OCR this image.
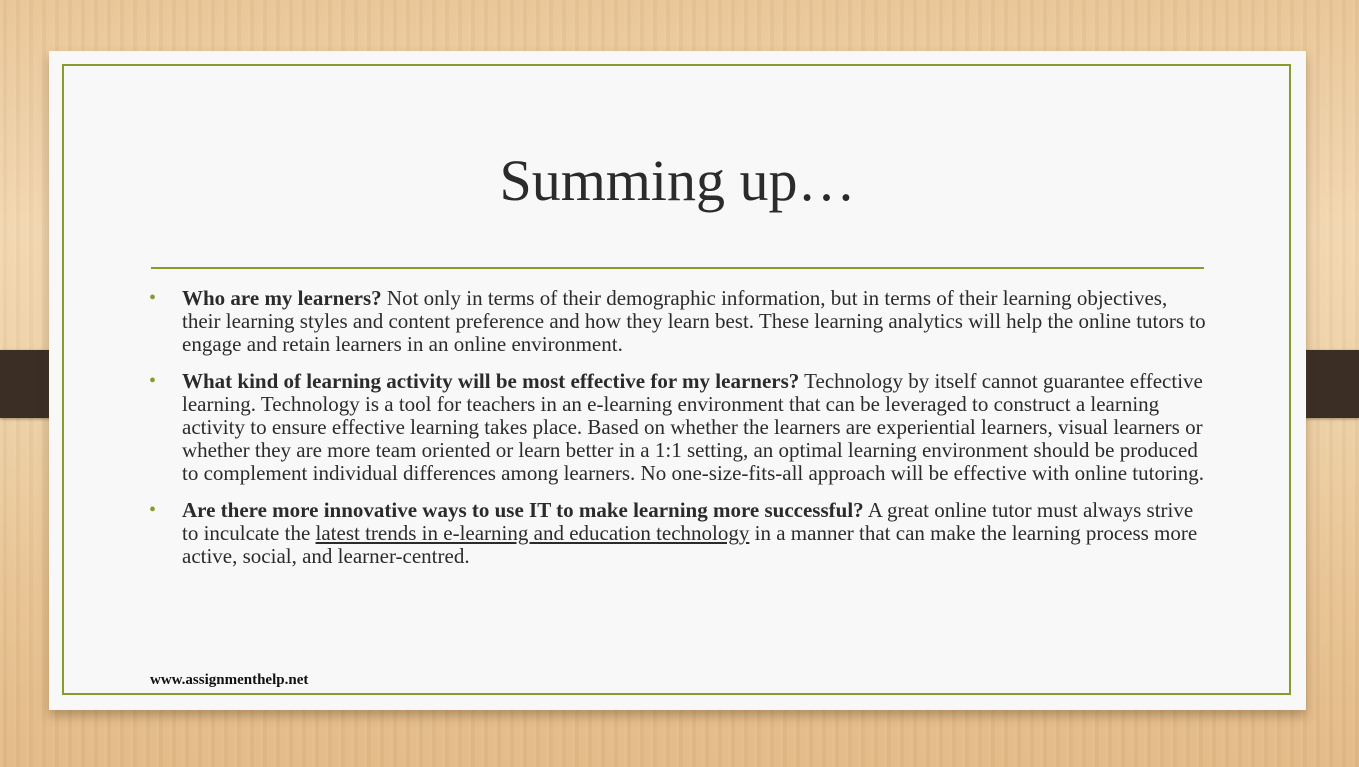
Summing up…
• Who are my learners? Not only in terms of their demographic information, but in terms of their learning objectives, their learning styles and content preference and how they learn best. These learning analytics will help the online tutors to engage and retain learners in an online environment.
• What kind of learning activity will be most effective for my learners? Technology by itself cannot guarantee effective learning. Technology is a tool for teachers in an e-learning environment that can be leveraged to construct a learning activity to ensure effective learning takes place. Based on whether the learners are experiential learners, visual learners or whether they are more team oriented or learn better in a 1:1 setting, an optimal learning environment should be produced to complement individual differences among learners. No one-size-fits-all approach will be effective with online tutoring.
• Are there more innovative ways to use IT to make learning more successful? A great online tutor must always strive to inculcate the latest trends in e-learning and education technology in a manner that can make the learning process more active, social, and learner-centred.
www.assignmenthelp.net
